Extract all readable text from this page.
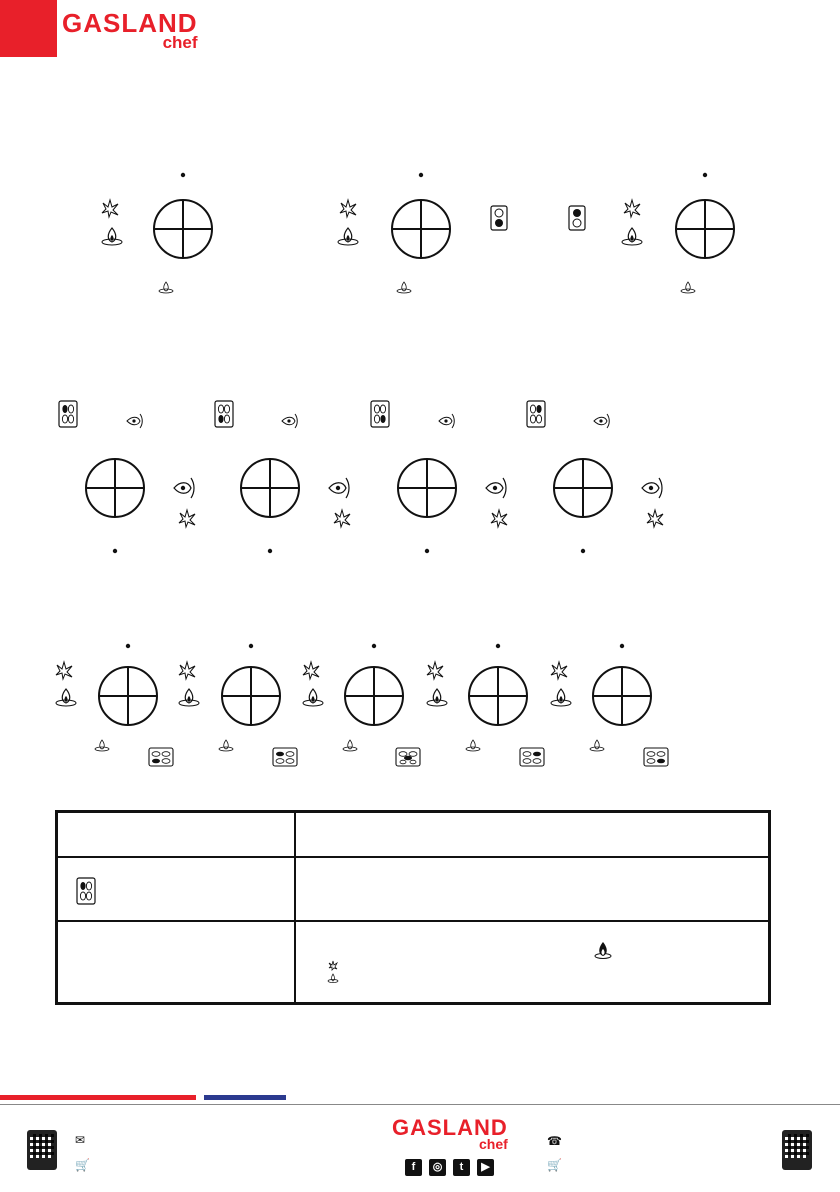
GASLAND
chef
✉
🛒
GASLAND
chef
f	◎	t	▶
☎
🛒
